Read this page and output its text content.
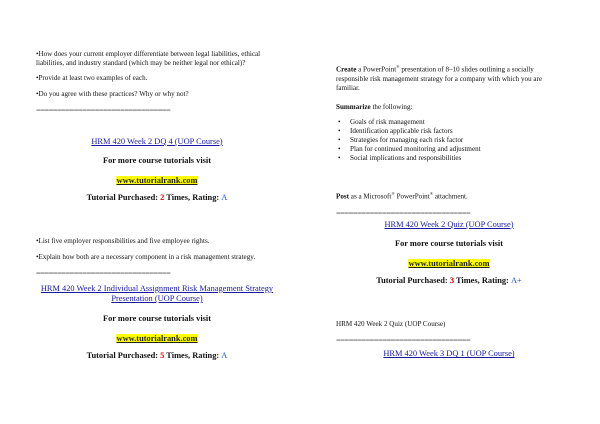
•How does your current employer differentiate between legal liabilities, ethical liabilities, and industry standard (which may be neither legal nor ethical)?

•Provide at least two examples of each.

•Do you agree with these practices? Why or why not?

================================
HRM 420 Week 2 DQ 4 (UOP Course)
For more course tutorials visit
www.tutorialrank.com
Tutorial Purchased: 2 Times, Rating: A

•List five employer responsibilities and five employee rights.

•Explain how both are a necessary component in a risk management strategy.

================================
HRM 420 Week 2 Individual Assignment Risk Management Strategy Presentation (UOP Course)
For more course tutorials visit
www.tutorialrank.com
Tutorial Purchased: 5 Times, Rating: A

Create a PowerPoint® presentation of 8–10 slides outlining a socially responsible risk management strategy for a company with which you are familiar.

Summarize the following:

• Goals of risk management
• Identification applicable risk factors
• Strategies for managing each risk factor
• Plan for continued monitoring and adjustment
• Social implications and responsibilities

Post as a Microsoft® PowerPoint® attachment.

================================
HRM 420 Week 2 Quiz (UOP Course)
For more course tutorials visit
www.tutorialrank.com
Tutorial Purchased: 3 Times, Rating: A+

HRM 420 Week 2 Quiz (UOP Course)

================================
HRM 420 Week 3 DQ 1 (UOP Course)
